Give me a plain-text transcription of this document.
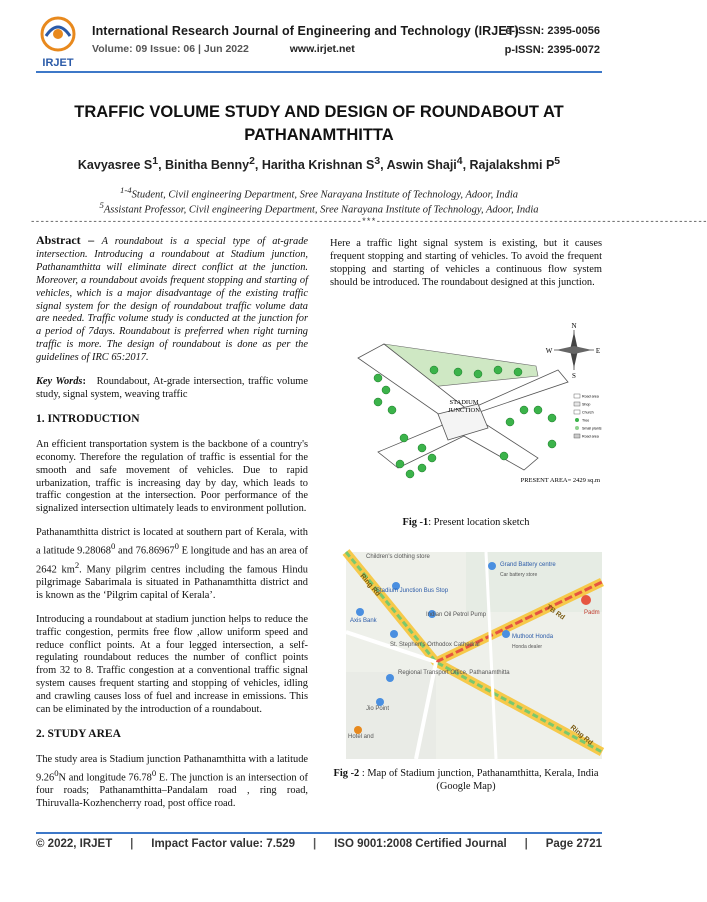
IRJET
International Research Journal of Engineering and Technology (IRJET)
Volume: 09 Issue: 06 | Jun 2022	www.irjet.net
e-ISSN: 2395-0056
p-ISSN: 2395-0072
TRAFFIC VOLUME STUDY AND DESIGN OF ROUNDABOUT AT PATHANAMTHITTA
Kavyasree $S^1$, Binitha Benny$^2$, Haritha Krishnan $S^3$, Aswin Shaji$^4$, Rajalakshmi $P^5$
$^{1-4}$Student, Civil engineering Department, Sree Narayana Institute of Technology, Adoor, India
$^5$Assistant Professor, Civil engineering Department, Sree Narayana Institute of Technology, Adoor, India
---------------------------------------------------------------------***---------------------------------------------------------------------

Abstract – A roundabout is a special type of at-grade intersection. Introducing a roundabout at Stadium junction, Pathanamthitta will eliminate direct conflict at the junction. Moreover, a roundabout avoids frequent stopping and starting of vehicles, which is a major disadvantage of the existing traffic signal system for the design of roundabout traffic volume data are needed. Traffic volume study is conducted at the junction for a period of 7days. Roundabout is preferred when right turning traffic is more. The design of roundabout is done as per the guidelines of IRC 65:2017.

Key Words: Roundabout, At-grade intersection, traffic volume study, signal system, weaving traffic

1. INTRODUCTION

An efficient transportation system is the backbone of a country's economy. Therefore the regulation of traffic is essential for the smooth and safe movement of vehicles. Due to rapid urbanization, traffic is increasing day by day, which leads to traffic congestion at the intersection. Poor performance of the signalized intersection ultimately leads to environment pollution.

Pathanamthitta district is located at southern part of Kerala, with a latitude 9.28068$^0$ and 76.86967$^0$ E longitude and has an area of 2642 $km^2$. Many pilgrim centres including the famous Hindu pilgrimage Sabarimala is situated in Pathanamthitta district and is known as the ‘Pilgrim capital of Kerala’.

Introducing a roundabout at stadium junction helps to reduce the traffic congestion, permits free flow ,allow uniform speed and reduce conflict points. At a four legged intersection, a self-regulating roundabout reduces the number of conflict points from 32 to 8. Traffic congestion at a conventional traffic signal system causes frequent starting and stopping of vehicles, idling and crawling causes loss of fuel and increase in emissions. This can be eliminated by the introduction of a roundabout.

2. STUDY AREA

The study area is Stadium junction Pathanamthitta with a latitude 9.26$^0$N and longitude 76.78$^0$ E. The junction is an intersection of four roads; Pathanamthitta–Pandalam road , ring road, Thiruvalla-Kozhencherry road, post office road.

Here a traffic light signal system is existing, but it causes frequent stopping and starting of vehicles. To avoid the frequent stopping and starting of vehicles a continuous flow system should be introduced. The roundabout designed at this junction.

STADIUM
JUNCTION
N
S
E
W
Road area
Shop
Church
Tree
Small plants
Road area
PRESENT AREA= 2429 sq.m
Fig -1: Present location sketch
Children's clothing store
Stadium Junction Bus Stop
Axis Bank
St. Stephen's Orthodox Cathedral
Regional Transport Office, Pathanamthitta
Jio Point
Hotel and
Grand Battery centre
Car battery store
Muthoot Honda
Honda dealer
Padm
Indian Oil Petrol Pump
Ring Rd
TB Rd
Ring Rd
Fig -2 : Map of Stadium junction, Pathanamthitta, Kerala, India (Google Map)
© 2022, IRJET | Impact Factor value: 7.529 | ISO 9001:2008 Certified Journal | Page 2721
